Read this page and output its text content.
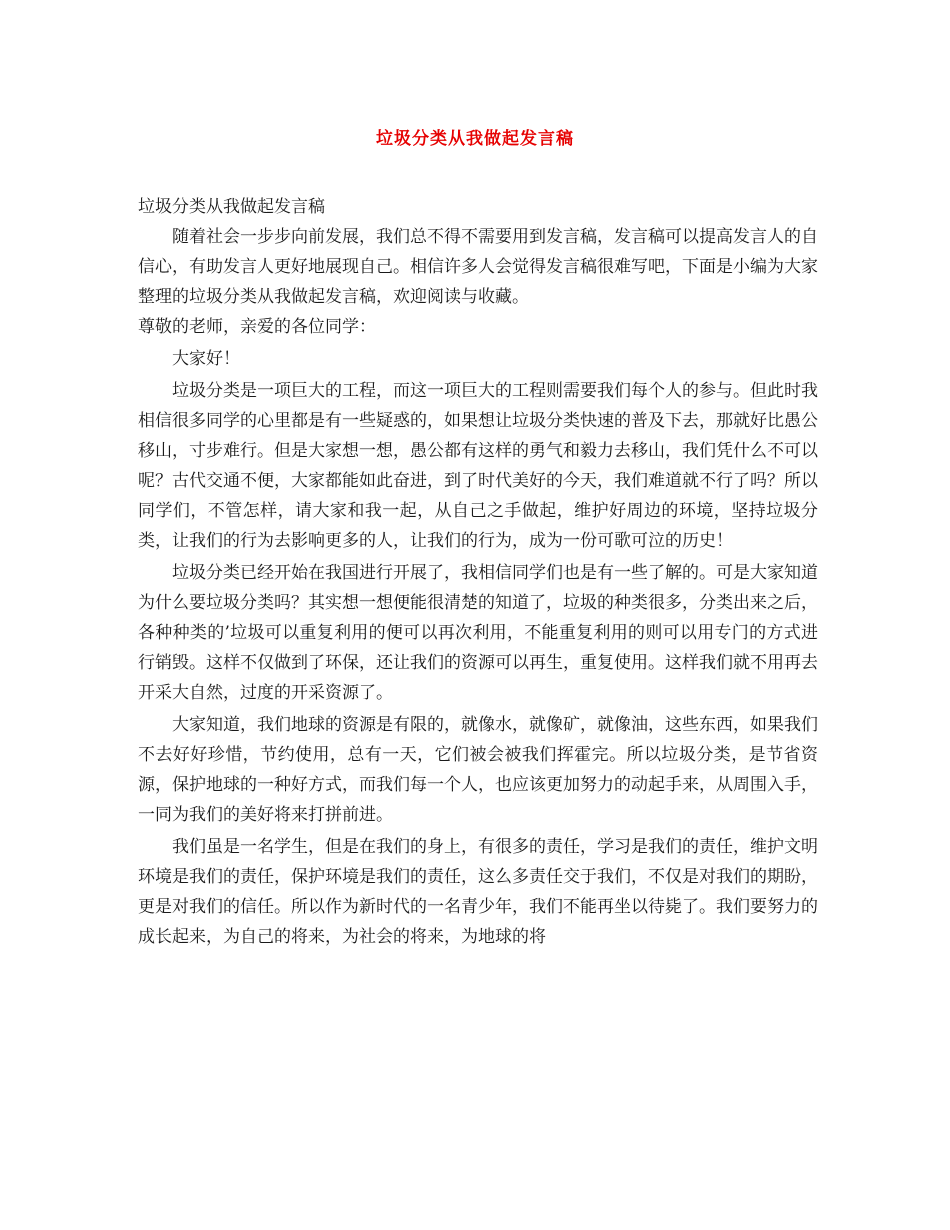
垃圾分类从我做起发言稿

垃圾分类从我做起发言稿

随着社会一步步向前发展，我们总不得不需要用到发言稿，发言稿可以提高发言人的自信心，有助发言人更好地展现自己。相信许多人会觉得发言稿很难写吧，下面是小编为大家整理的垃圾分类从我做起发言稿，欢迎阅读与收藏。

尊敬的老师，亲爱的各位同学：

大家好！

垃圾分类是一项巨大的工程，而这一项巨大的工程则需要我们每个人的参与。但此时我相信很多同学的心里都是有一些疑惑的，如果想让垃圾分类快速的普及下去，那就好比愚公移山，寸步难行。但是大家想一想，愚公都有这样的勇气和毅力去移山，我们凭什么不可以呢？古代交通不便，大家都能如此奋进，到了时代美好的今天，我们难道就不行了吗？所以同学们，不管怎样，请大家和我一起，从自己之手做起，维护好周边的环境，坚持垃圾分类，让我们的行为去影响更多的人，让我们的行为，成为一份可歌可泣的历史！

垃圾分类已经开始在我国进行开展了，我相信同学们也是有一些了解的。可是大家知道为什么要垃圾分类吗？其实想一想便能很清楚的知道了，垃圾的种类很多，分类出来之后，各种种类的’垃圾可以重复利用的便可以再次利用，不能重复利用的则可以用专门的方式进行销毁。这样不仅做到了环保，还让我们的资源可以再生，重复使用。这样我们就不用再去开采大自然，过度的开采资源了。

大家知道，我们地球的资源是有限的，就像水，就像矿，就像油，这些东西，如果我们不去好好珍惜，节约使用，总有一天，它们被会被我们挥霍完。所以垃圾分类，是节省资源，保护地球的一种好方式，而我们每一个人，也应该更加努力的动起手来，从周围入手，一同为我们的美好将来打拼前进。

我们虽是一名学生，但是在我们的身上，有很多的责任，学习是我们的责任，维护文明环境是我们的责任，保护环境是我们的责任，这么多责任交于我们，不仅是对我们的期盼，更是对我们的信任。所以作为新时代的一名青少年，我们不能再坐以待毙了。我们要努力的成长起来，为自己的将来，为社会的将来，为地球的将
